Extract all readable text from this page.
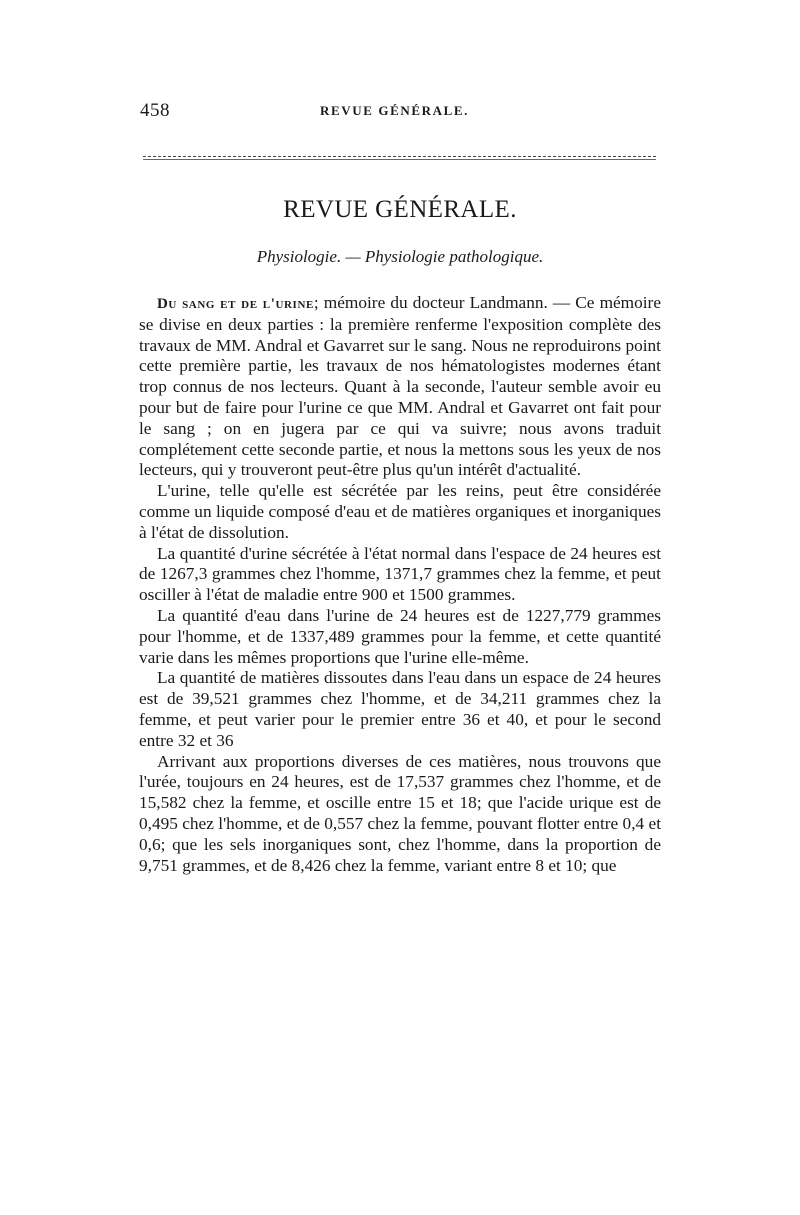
458	REVUE GÉNÉRALE.
REVUE GÉNÉRALE.
Physiologie. — Physiologie pathologique.

Du sang et de l'urine; mémoire du docteur Landmann. — Ce mémoire se divise en deux parties : la première renferme l'exposition complète des travaux de MM. Andral et Gavarret sur le sang. Nous ne reproduirons point cette première partie, les travaux de nos hématologistes modernes étant trop connus de nos lecteurs. Quant à la seconde, l'auteur semble avoir eu pour but de faire pour l'urine ce que MM. Andral et Gavarret ont fait pour le sang ; on en jugera par ce qui va suivre; nous avons traduit complétement cette seconde partie, et nous la mettons sous les yeux de nos lecteurs, qui y trouveront peut-être plus qu'un intérêt d'actualité.

L'urine, telle qu'elle est sécrétée par les reins, peut être considérée comme un liquide composé d'eau et de matières organiques et inorganiques à l'état de dissolution.

La quantité d'urine sécrétée à l'état normal dans l'espace de 24 heures est de 1267,3 grammes chez l'homme, 1371,7 grammes chez la femme, et peut osciller à l'état de maladie entre 900 et 1500 grammes.

La quantité d'eau dans l'urine de 24 heures est de 1227,779 grammes pour l'homme, et de 1337,489 grammes pour la femme, et cette quantité varie dans les mêmes proportions que l'urine elle-même.

La quantité de matières dissoutes dans l'eau dans un espace de 24 heures est de 39,521 grammes chez l'homme, et de 34,211 grammes chez la femme, et peut varier pour le premier entre 36 et 40, et pour le second entre 32 et 36

Arrivant aux proportions diverses de ces matières, nous trouvons que l'urée, toujours en 24 heures, est de 17,537 grammes chez l'homme, et de 15,582 chez la femme, et oscille entre 15 et 18; que l'acide urique est de 0,495 chez l'homme, et de 0,557 chez la femme, pouvant flotter entre 0,4 et 0,6; que les sels inorganiques sont, chez l'homme, dans la proportion de 9,751 grammes, et de 8,426 chez la femme, variant entre 8 et 10; que
